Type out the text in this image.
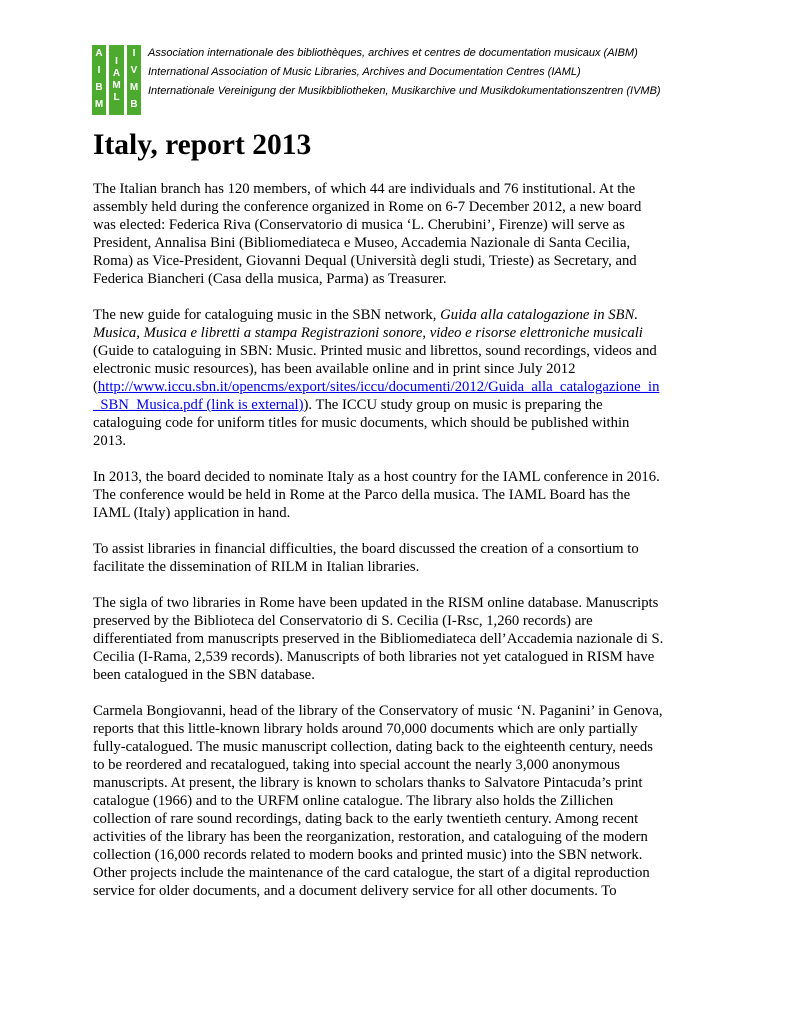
A
I
B
M
I
A
M
L
I
V
M
B
Association internationale des bibliothèques, archives et centres de documentation musicaux (AIBM)
International Association of Music Libraries, Archives and Documentation Centres (IAML)
Internationale Vereinigung der Musikbibliotheken, Musikarchive und Musikdokumentationszentren (IVMB)
Italy, report 2013

The Italian branch has 120 members, of which 44 are individuals and 76 institutional. At the
assembly held during the conference organized in Rome on 6-7 December 2012, a new board
was elected: Federica Riva (Conservatorio di musica ‘L. Cherubini’, Firenze) will serve as
President, Annalisa Bini (Bibliomediateca e Museo, Accademia Nazionale di Santa Cecilia,
Roma) as Vice-President, Giovanni Dequal (Università degli studi, Trieste) as Secretary, and
Federica Biancheri (Casa della musica, Parma) as Treasurer.

The new guide for cataloguing music in the SBN network, Guida alla catalogazione in SBN.
Musica, Musica e libretti a stampa Registrazioni sonore, video e risorse elettroniche musicali
(Guide to cataloguing in SBN: Music. Printed music and librettos, sound recordings, videos and
electronic music resources), has been available online and in print since July 2012
(http://www.iccu.sbn.it/opencms/export/sites/iccu/documenti/2012/Guida_alla_catalogazione_in
_SBN_Musica.pdf (link is external)). The ICCU study group on music is preparing the
cataloguing code for uniform titles for music documents, which should be published within
2013.

In 2013, the board decided to nominate Italy as a host country for the IAML conference in 2016.
The conference would be held in Rome at the Parco della musica. The IAML Board has the
IAML (Italy) application in hand.

To assist libraries in financial difficulties, the board discussed the creation of a consortium to
facilitate the dissemination of RILM in Italian libraries.

The sigla of two libraries in Rome have been updated in the RISM online database. Manuscripts
preserved by the Biblioteca del Conservatorio di S. Cecilia (I-Rsc, 1,260 records) are
differentiated from manuscripts preserved in the Bibliomediateca dell’Accademia nazionale di S.
Cecilia (I-Rama, 2,539 records). Manuscripts of both libraries not yet catalogued in RISM have
been catalogued in the SBN database.

Carmela Bongiovanni, head of the library of the Conservatory of music ‘N. Paganini’ in Genova,
reports that this little-known library holds around 70,000 documents which are only partially
fully-catalogued. The music manuscript collection, dating back to the eighteenth century, needs
to be reordered and recatalogued, taking into special account the nearly 3,000 anonymous
manuscripts. At present, the library is known to scholars thanks to Salvatore Pintacuda’s print
catalogue (1966) and to the URFM online catalogue. The library also holds the Zillichen
collection of rare sound recordings, dating back to the early twentieth century. Among recent
activities of the library has been the reorganization, restoration, and cataloguing of the modern
collection (16,000 records related to modern books and printed music) into the SBN network.
Other projects include the maintenance of the card catalogue, the start of a digital reproduction
service for older documents, and a document delivery service for all other documents. To
